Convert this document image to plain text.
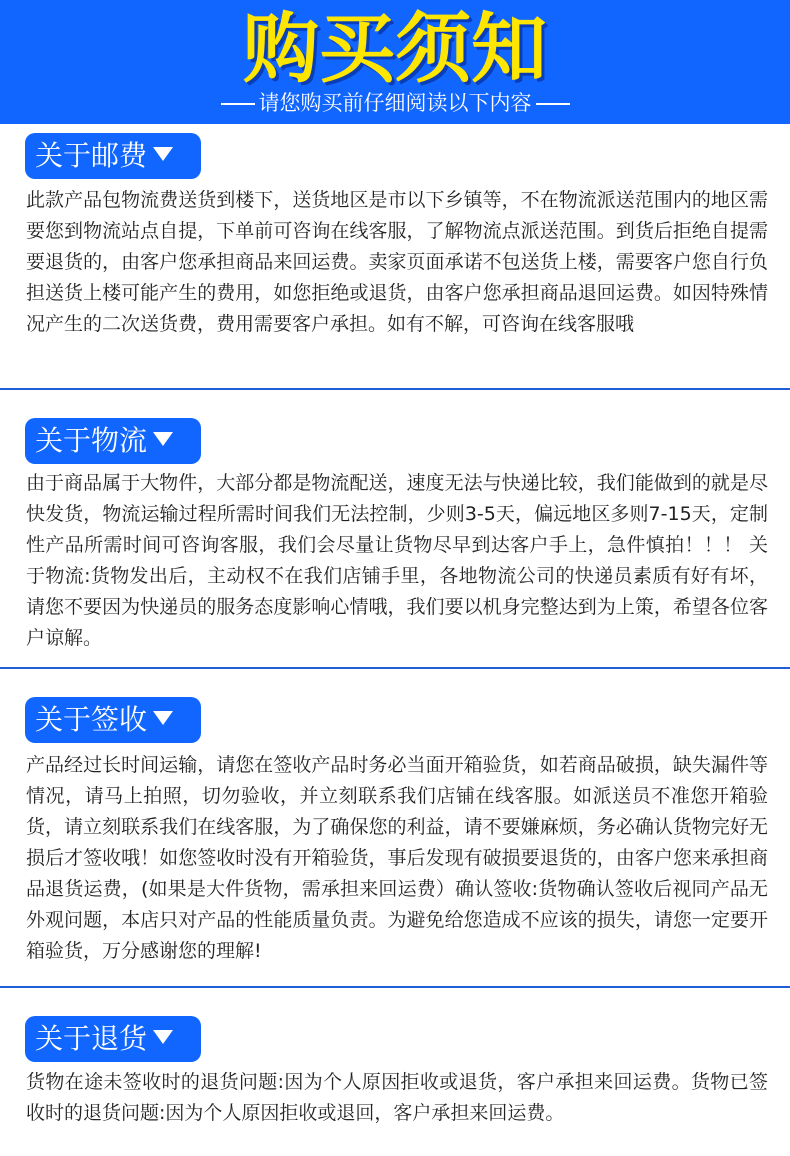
购买须知
请您购买前仔细阅读以下内容
关于邮费
此款产品包物流费送货到楼下，送货地区是市以下乡镇等，不在物流派送范围内的地区需要您到物流站点自提，下单前可咨询在线客服，了解物流点派送范围。到货后拒绝自提需要退货的，由客户您承担商品来回运费。卖家页面承诺不包送货上楼，需要客户您自行负担送货上楼可能产生的费用，如您拒绝或退货，由客户您承担商品退回运费。如因特殊情况产生的二次送货费，费用需要客户承担。如有不解，可咨询在线客服哦
关于物流
由于商品属于大物件，大部分都是物流配送，速度无法与快递比较，我们能做到的就是尽快发货，物流运输过程所需时间我们无法控制，少则3-5天，偏远地区多则7-15天，定制性产品所需时间可咨询客服，我们会尽量让货物尽早到达客户手上，急件慎拍！！！ 关于物流:货物发出后，主动权不在我们店铺手里，各地物流公司的快递员素质有好有坏，请您不要因为快递员的服务态度影响心情哦，我们要以机身完整达到为上策，希望各位客户谅解。
关于签收
产品经过长时间运输，请您在签收产品时务必当面开箱验货，如若商品破损，缺失漏件等情况，请马上拍照，切勿验收，并立刻联系我们店铺在线客服。如派送员不准您开箱验货，请立刻联系我们在线客服，为了确保您的利益，请不要嫌麻烦，务必确认货物完好无损后才签收哦！如您签收时没有开箱验货，事后发现有破损要退货的，由客户您来承担商品退货运费，(如果是大件货物，需承担来回运费）确认签收:货物确认签收后视同产品无外观问题，本店只对产品的性能质量负责。为避免给您造成不应该的损失，请您一定要开箱验货，万分感谢您的理解!
关于退货
货物在途未签收时的退货问题:因为个人原因拒收或退货，客户承担来回运费。货物已签收时的退货问题:因为个人原因拒收或退回，客户承担来回运费。
